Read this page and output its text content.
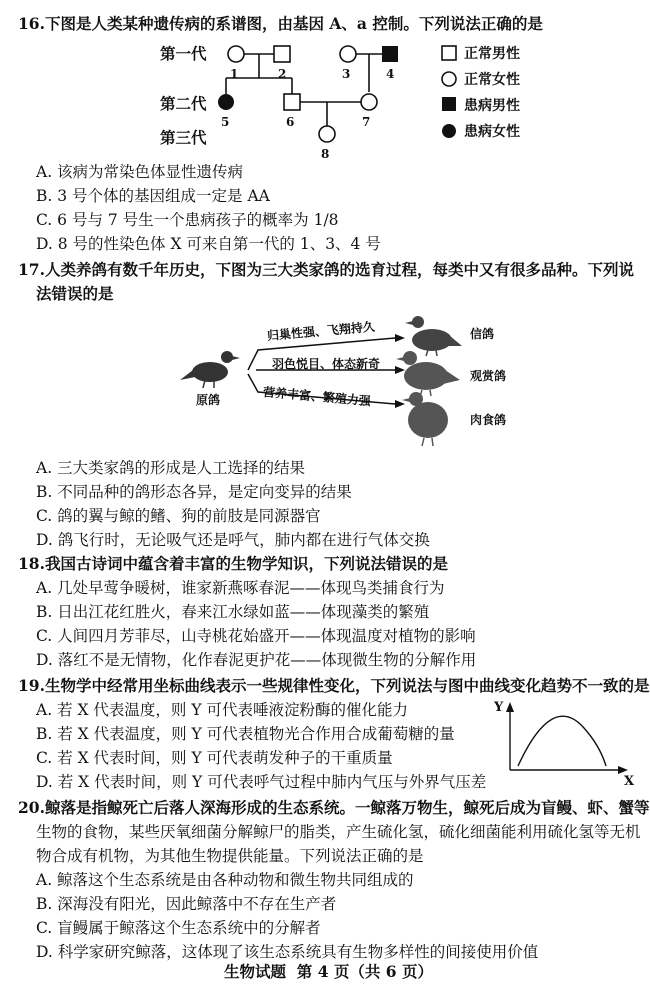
16.下图是人类某种遗传病的系谱图，由基因 A、a 控制。下列说法正确的是
第一代
第二代
第三代
1	2	3	4
5	6	7
8
正常男性
正常女性
患病男性
患病女性
A. 该病为常染色体显性遗传病
B. 3 号个体的基因组成一定是 AA
C. 6 号与 7 号生一个患病孩子的概率为 1/8
D. 8 号的性染色体 X 可来自第一代的 1、3、4 号
17.人类养鸽有数千年历史，下图为三大类家鸽的选育过程，每类中又有很多品种。下列说
法错误的是
归巢性强、飞翔持久
羽色悦目、体态新奇
营养丰富、繁殖力强
原鸽
信鸽
观赏鸽
肉食鸽
A. 三大类家鸽的形成是人工选择的结果
B. 不同品种的鸽形态各异，是定向变异的结果
C. 鸽的翼与鲸的鳍、狗的前肢是同源器官
D. 鸽飞行时，无论吸气还是呼气，肺内都在进行气体交换
18.我国古诗词中蕴含着丰富的生物学知识，下列说法错误的是
A. 几处早莺争暖树，谁家新燕啄春泥——体现鸟类捕食行为
B. 日出江花红胜火，春来江水绿如蓝——体现藻类的繁殖
C. 人间四月芳菲尽，山寺桃花始盛开——体现温度对植物的影响
D. 落红不是无情物，化作春泥更护花——体现微生物的分解作用
19.生物学中经常用坐标曲线表示一些规律性变化，下列说法与图中曲线变化趋势不一致的是
A. 若 X 代表温度，则 Y 可代表唾液淀粉酶的催化能力
B. 若 X 代表温度，则 Y 可代表植物光合作用合成葡萄糖的量
C. 若 X 代表时间，则 Y 可代表萌发种子的干重质量
D. 若 X 代表时间，则 Y 可代表呼气过程中肺内气压与外界气压差
Y
X
20.鲸落是指鲸死亡后落人深海形成的生态系统。一鲸落万物生，鲸死后成为盲鳗、虾、蟹等
生物的食物，某些厌氧细菌分解鲸尸的脂类，产生硫化氢，硫化细菌能利用硫化氢等无机
物合成有机物，为其他生物提供能量。下列说法正确的是
A. 鲸落这个生态系统是由各种动物和微生物共同组成的
B. 深海没有阳光，因此鲸落中不存在生产者
C. 盲鳗属于鲸落这个生态系统中的分解者
D. 科学家研究鲸落，这体现了该生态系统具有生物多样性的间接使用价值
生物试题  第 4 页（共 6 页）
